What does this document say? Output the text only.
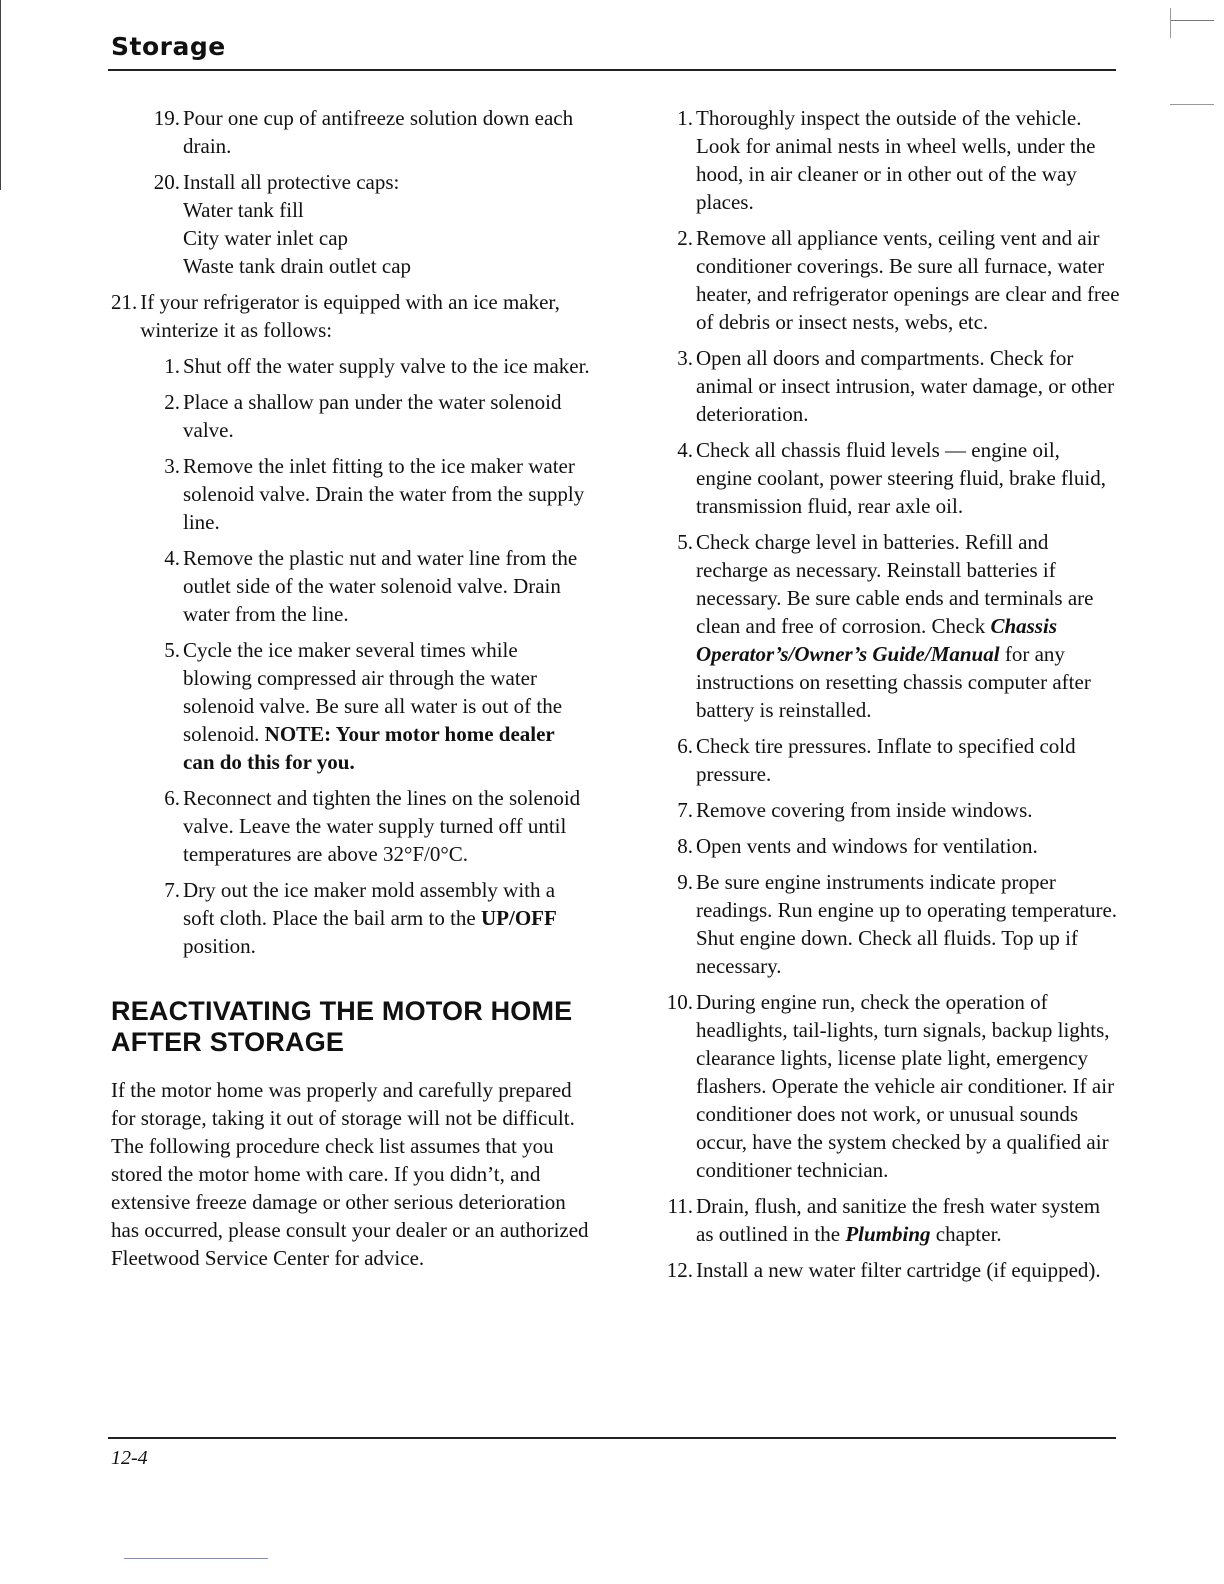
Storage
19. Pour one cup of antifreeze solution down each drain.
20. Install all protective caps:
Water tank fill
City water inlet cap
Waste tank drain outlet cap
21. If your refrigerator is equipped with an ice maker, winterize it as follows:
1. Shut off the water supply valve to the ice maker.
2. Place a shallow pan under the water solenoid valve.
3. Remove the inlet fitting to the ice maker water solenoid valve. Drain the water from the supply line.
4. Remove the plastic nut and water line from the outlet side of the water solenoid valve. Drain water from the line.
5. Cycle the ice maker several times while blowing compressed air through the water solenoid valve. Be sure all water is out of the solenoid. NOTE: Your motor home dealer can do this for you.
6. Reconnect and tighten the lines on the solenoid valve. Leave the water supply turned off until temperatures are above 32°F/0°C.
7. Dry out the ice maker mold assembly with a soft cloth. Place the bail arm to the UP/OFF position.
REACTIVATING THE MOTOR HOME AFTER STORAGE

If the motor home was properly and carefully prepared for storage, taking it out of storage will not be difficult. The following procedure check list assumes that you stored the motor home with care. If you didn’t, and extensive freeze damage or other serious deterioration has occurred, please consult your dealer or an authorized Fleetwood Service Center for advice.

1. Thoroughly inspect the outside of the vehicle. Look for animal nests in wheel wells, under the hood, in air cleaner or in other out of the way places.
2. Remove all appliance vents, ceiling vent and air conditioner coverings. Be sure all furnace, water heater, and refrigerator openings are clear and free of debris or insect nests, webs, etc.
3. Open all doors and compartments. Check for animal or insect intrusion, water damage, or other deterioration.
4. Check all chassis fluid levels — engine oil, engine coolant, power steering fluid, brake fluid, transmission fluid, rear axle oil.
5. Check charge level in batteries. Refill and recharge as necessary. Reinstall batteries if necessary. Be sure cable ends and terminals are clean and free of corrosion. Check Chassis Operator’s/Owner’s Guide/Manual for any instructions on resetting chassis computer after battery is reinstalled.
6. Check tire pressures. Inflate to specified cold pressure.
7. Remove covering from inside windows.
8. Open vents and windows for ventilation.
9. Be sure engine instruments indicate proper readings. Run engine up to operating temperature. Shut engine down. Check all fluids. Top up if necessary.
10. During engine run, check the operation of headlights, tail-lights, turn signals, backup lights, clearance lights, license plate light, emergency flashers. Operate the vehicle air conditioner. If air conditioner does not work, or unusual sounds occur, have the system checked by a qualified air conditioner technician.
11. Drain, flush, and sanitize the fresh water system as outlined in the Plumbing chapter.
12. Install a new water filter cartridge (if equipped).
12-4
